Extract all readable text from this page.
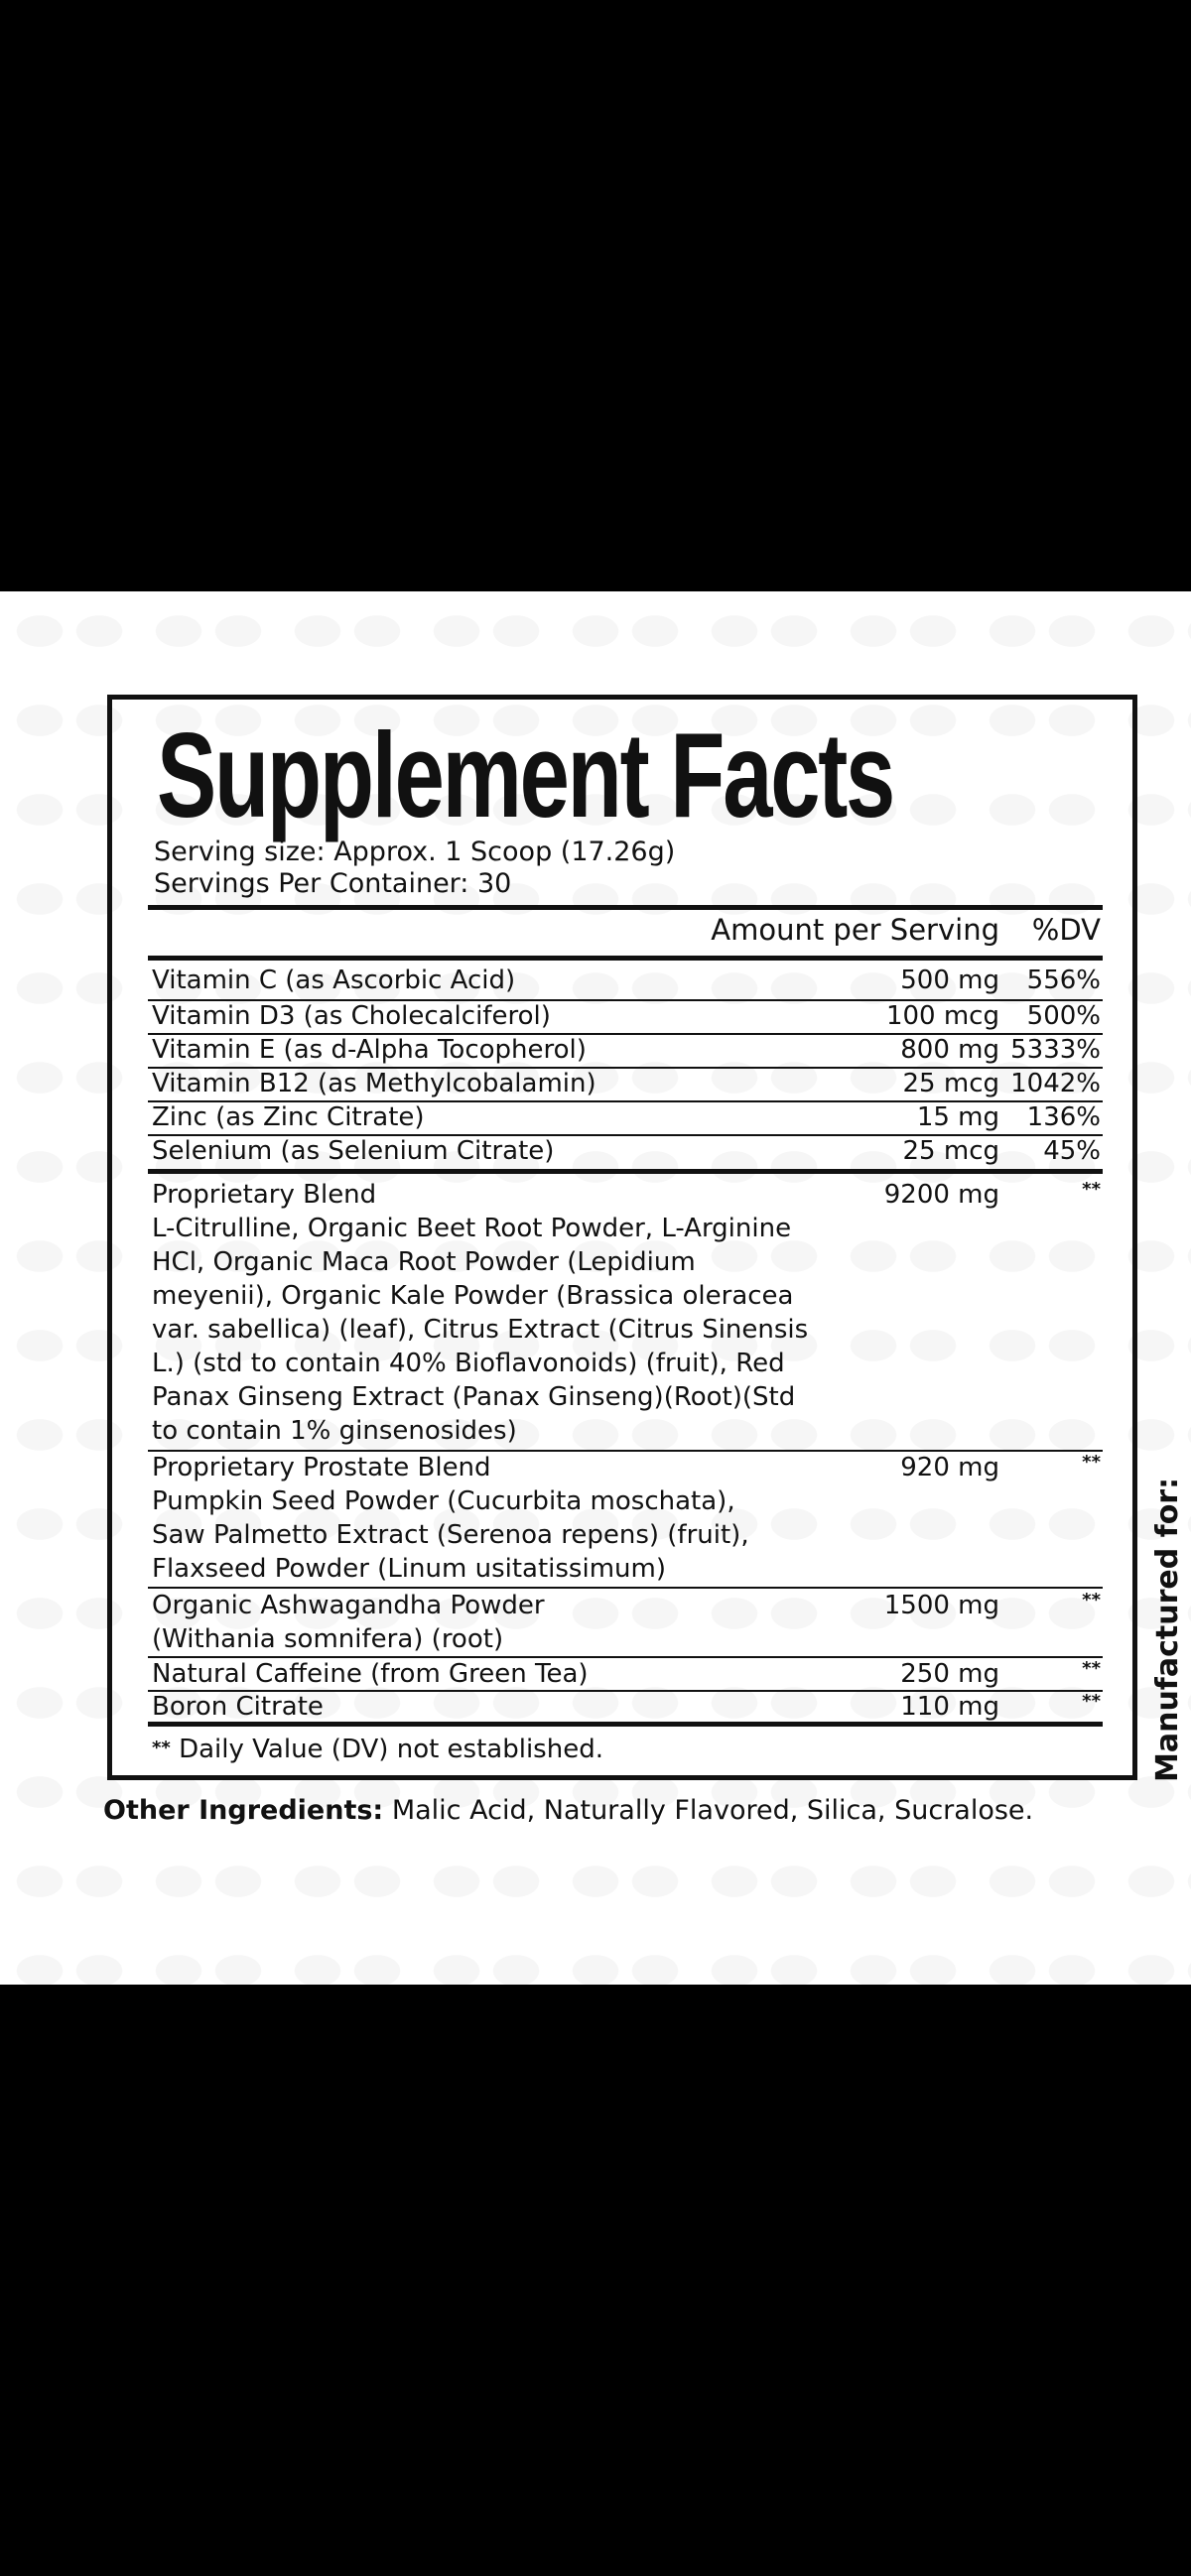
Supplement Facts
Serving size: Approx. 1 Scoop (17.26g)
Servings Per Container: 30
Amount per Serving %DV
Vitamin C (as Ascorbic Acid)	500 mg 556%
Vitamin D3 (as Cholecalciferol)	100 mcg 500%
Vitamin E (as d-Alpha Tocopherol)	800 mg 5333%
Vitamin B12 (as Methylcobalamin)	25 mcg 1042%
Zinc (as Zinc Citrate)	15 mg 136%
Selenium (as Selenium Citrate)	25 mcg 45%
Proprietary Blend	9200 mg	**
L-Citrulline, Organic Beet Root Powder, L-Arginine
HCl, Organic Maca Root Powder (Lepidium
meyenii), Organic Kale Powder (Brassica oleracea
var. sabellica) (leaf), Citrus Extract (Citrus Sinensis
L.) (std to contain 40% Bioflavonoids) (fruit), Red
Panax Ginseng Extract (Panax Ginseng)(Root)(Std
to contain 1% ginsenosides)
Proprietary Prostate Blend	920 mg	**
Pumpkin Seed Powder (Cucurbita moschata),
Saw Palmetto Extract (Serenoa repens) (fruit),
Flaxseed Powder (Linum usitatissimum)
Organic Ashwagandha Powder	1500 mg	**
(Withania somnifera) (root)
Natural Caffeine (from Green Tea)	250 mg	**
Boron Citrate	110 mg	**
** Daily Value (DV) not established.
Other Ingredients: Malic Acid, Naturally Flavored, Silica, Sucralose.
Manufactured for:
